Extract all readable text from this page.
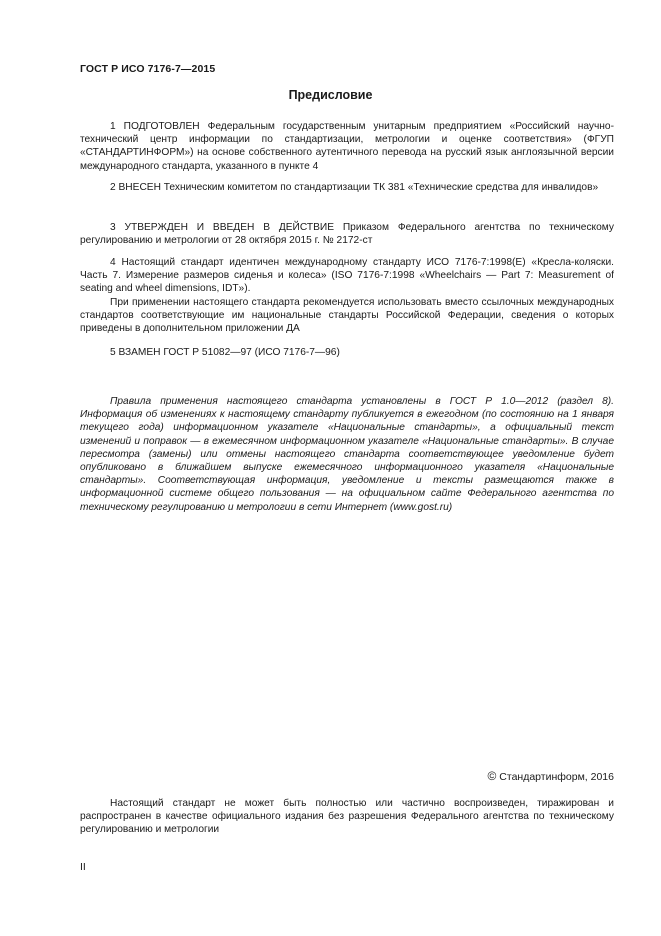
ГОСТ Р ИСО 7176-7—2015
Предисловие
1 ПОДГОТОВЛЕН Федеральным государственным унитарным предприятием «Российский научно-технический центр информации по стандартизации, метрологии и оценке соответствия» (ФГУП «СТАНДАРТИНФОРМ») на основе собственного аутентичного перевода на русский язык англоязычной версии международного стандарта, указанного в пункте 4
2 ВНЕСЕН Техническим комитетом по стандартизации ТК 381 «Технические средства для инвалидов»
3 УТВЕРЖДЕН И ВВЕДЕН В ДЕЙСТВИЕ Приказом Федерального агентства по техническому регулированию и метрологии от 28 октября 2015 г. № 2172-ст
4 Настоящий стандарт идентичен международному стандарту ИСО 7176-7:1998(E) «Кресла-коляски. Часть 7. Измерение размеров сиденья и колеса» (ISO 7176-7:1998 «Wheelchairs — Part 7: Measurement of seating and wheel dimensions, IDT»).
При применении настоящего стандарта рекомендуется использовать вместо ссылочных международных стандартов соответствующие им национальные стандарты Российской Федерации, сведения о которых приведены в дополнительном приложении ДА
5 ВЗАМЕН ГОСТ Р 51082—97 (ИСО 7176-7—96)
Правила применения настоящего стандарта установлены в ГОСТ Р 1.0—2012 (раздел 8). Информация об изменениях к настоящему стандарту публикуется в ежегодном (по состоянию на 1 января текущего года) информационном указателе «Национальные стандарты», а официальный текст изменений и поправок — в ежемесячном информационном указателе «Национальные стандарты». В случае пересмотра (замены) или отмены настоящего стандарта соответствующее уведомление будет опубликовано в ближайшем выпуске ежемесячного информационного указателя «Национальные стандарты». Соответствующая информация, уведомление и тексты размещаются также в информационной системе общего пользования — на официальном сайте Федерального агентства по техническому регулированию и метрологии в сети Интернет (www.gost.ru)
© Стандартинформ, 2016
Настоящий стандарт не может быть полностью или частично воспроизведен, тиражирован и распространен в качестве официального издания без разрешения Федерального агентства по техническому регулированию и метрологии
II
